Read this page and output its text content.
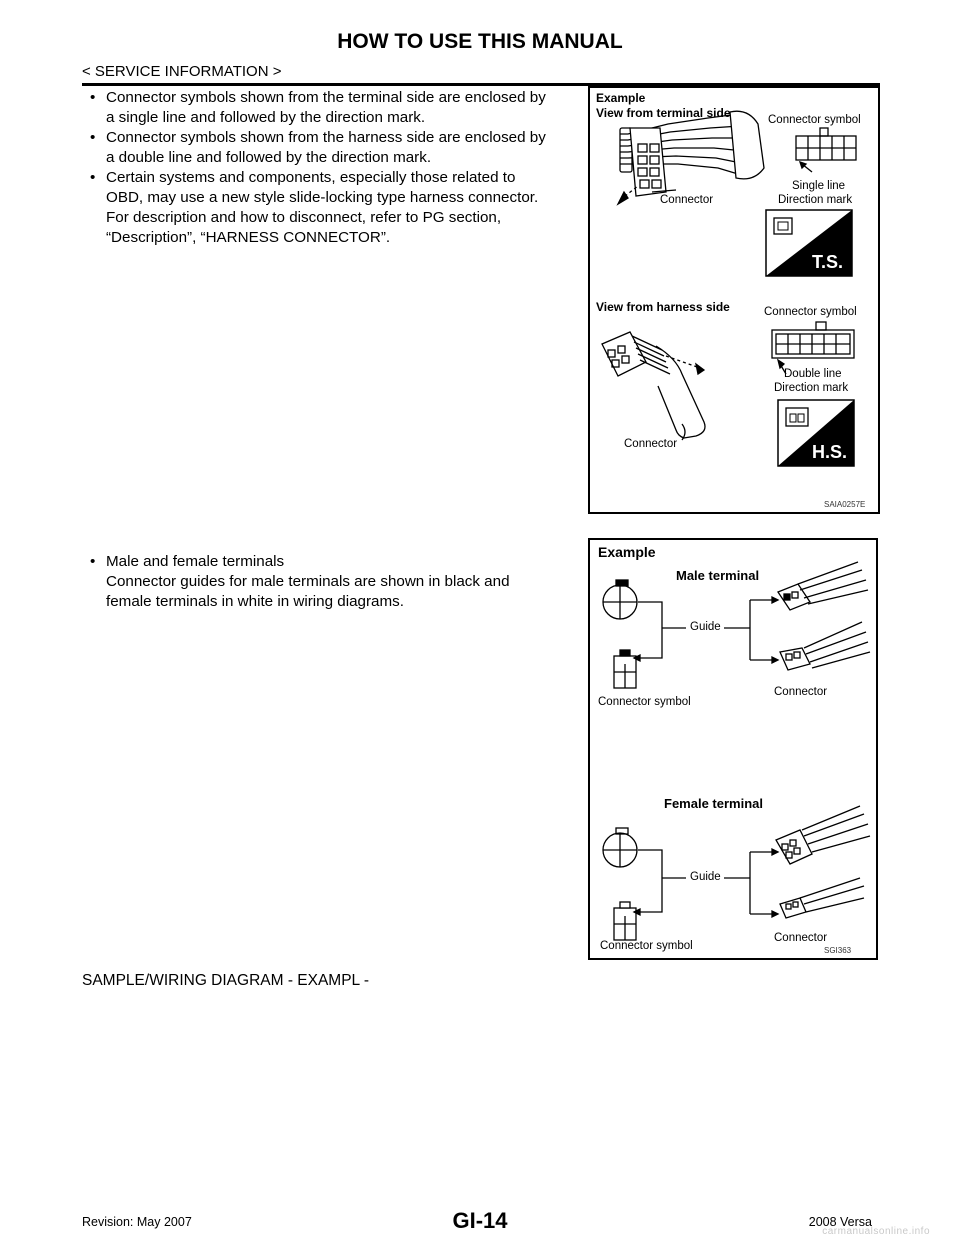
HOW TO USE THIS MANUAL
< SERVICE INFORMATION >
• Connector symbols shown from the terminal side are enclosed by
a single line and followed by the direction mark.
• Connector symbols shown from the harness side are enclosed by
a double line and followed by the direction mark.
• Certain systems and components, especially those related to
OBD, may use a new style slide-locking type harness connector.
For description and how to disconnect, refer to PG section,
“Description”, “HARNESS CONNECTOR”.
• Male and female terminals
Connector guides for male terminals are shown in black and
female terminals in white in wiring diagrams.
SAMPLE/WIRING DIAGRAM - EXAMPL -
Example
View from terminal side	Connector symbol
Connector
Single line
Direction mark
T.S.
View from harness side	Connector symbol
Double line
Direction mark
Connector	H.S.
SAIA0257E
Example
Male terminal
Guide
Connector symbol
Connector
Female terminal
Guide
Connector symbol
Connector
SGI363
GI-14
Revision: May 2007	2008 Versa
carmanualsonline.info
